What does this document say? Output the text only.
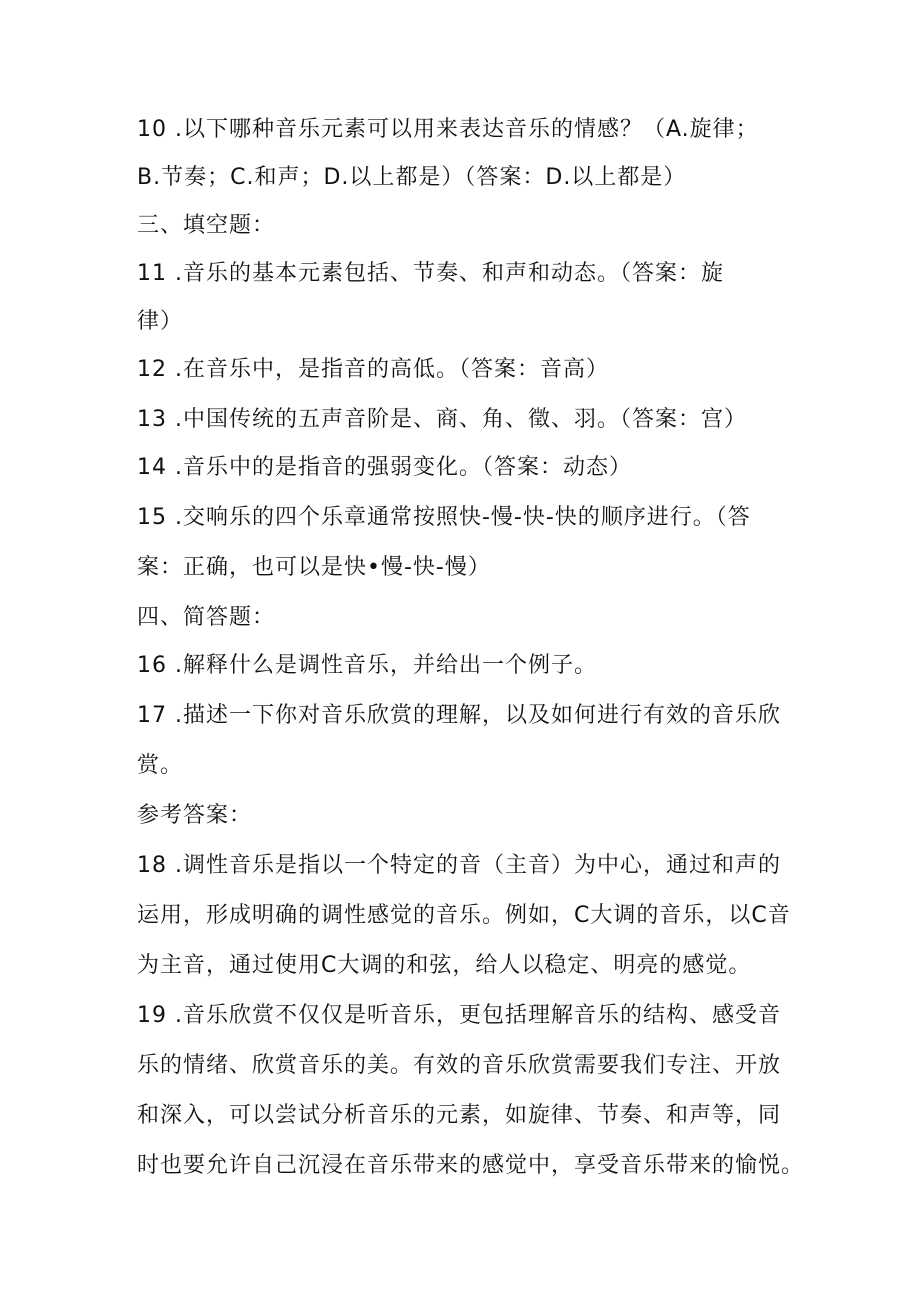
10 .以下哪种音乐元素可以用来表达音乐的情感？（A.旋律；
B.节奏；C.和声；D.以上都是）（答案：D.以上都是）
三、填空题：
11 .音乐的基本元素包括、节奏、和声和动态。（答案：旋
律）
12 .在音乐中，是指音的高低。（答案：音高）
13 .中国传统的五声音阶是、商、角、徵、羽。（答案：宫）
14 .音乐中的是指音的强弱变化。（答案：动态）
15 .交响乐的四个乐章通常按照快-慢-快-快的顺序进行。（答
案：正确，也可以是快•慢-快-慢）
四、简答题：
16 .解释什么是调性音乐，并给出一个例子。
17 .描述一下你对音乐欣赏的理解，以及如何进行有效的音乐欣
赏。
参考答案：
18 .调性音乐是指以一个特定的音（主音）为中心，通过和声的
运用，形成明确的调性感觉的音乐。例如，C大调的音乐，以C音
为主音，通过使用C大调的和弦，给人以稳定、明亮的感觉。
19 .音乐欣赏不仅仅是听音乐，更包括理解音乐的结构、感受音
乐的情绪、欣赏音乐的美。有效的音乐欣赏需要我们专注、开放
和深入，可以尝试分析音乐的元素，如旋律、节奏、和声等，同
时也要允许自己沉浸在音乐带来的感觉中，享受音乐带来的愉悦。
